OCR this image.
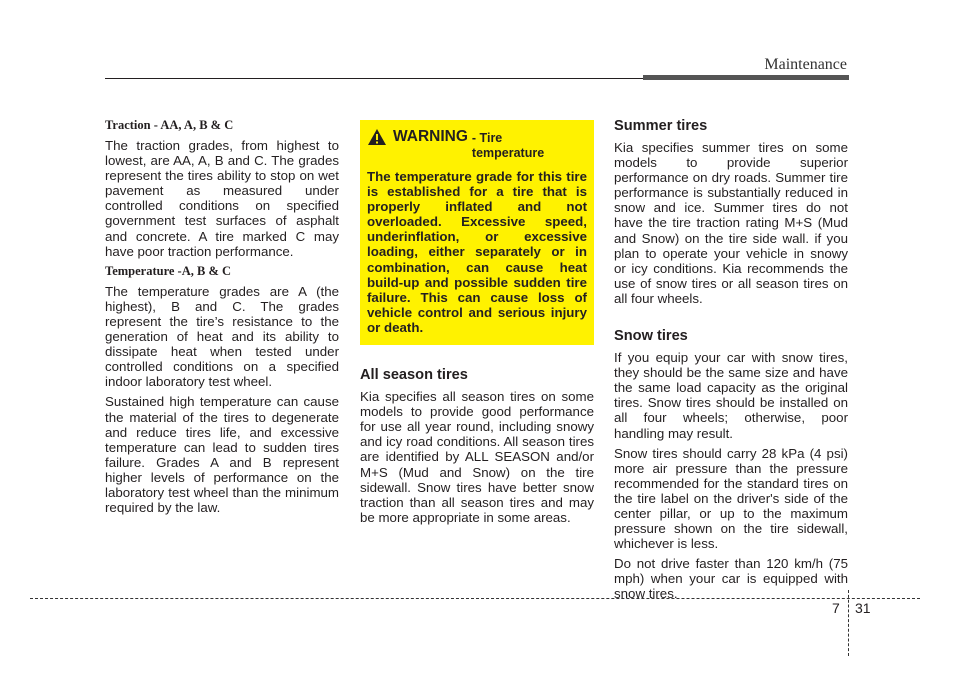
Maintenance
Traction - AA, A, B & C

The traction grades, from highest to lowest, are AA, A, B and C. The grades represent the tires ability to stop on wet pavement as measured under controlled conditions on specified government test surfaces of asphalt and concrete. A tire marked C may have poor traction performance.

Temperature -A, B & C

The temperature grades are A (the highest), B and C. The grades represent the tire’s resistance to the generation of heat and its ability to dissipate heat when tested under controlled conditions on a specified indoor laboratory test wheel.

Sustained high temperature can cause the material of the tires to degenerate and reduce tires life, and excessive temperature can lead to sudden tires failure. Grades A and B represent higher levels of performance on the laboratory test wheel than the minimum required by the law.

WARNING - Tire temperature
The temperature grade for this tire is established for a tire that is properly inflated and not overloaded. Excessive speed, underinflation, or excessive loading, either separately or in combination, can cause heat build-up and possible sudden tire failure. This can cause loss of vehicle control and serious injury or death.
All season tires

Kia specifies all season tires on some models to provide good performance for use all year round, including snowy and icy road conditions. All season tires are identified by ALL SEASON and/or M+S (Mud and Snow) on the tire sidewall. Snow tires have better snow traction than all season tires and may be more appropriate in some areas.

Summer tires

Kia specifies summer tires on some models to provide superior performance on dry roads. Summer tire performance is substantially reduced in snow and ice. Summer tires do not have the tire traction rating M+S (Mud and Snow) on the tire side wall. if you plan to operate your vehicle in snowy or icy conditions. Kia recommends the use of snow tires or all season tires on all four wheels.

Snow tires

If you equip your car with snow tires, they should be the same size and have the same load capacity as the original tires. Snow tires should be installed on all four wheels; otherwise, poor handling may result.

Snow tires should carry 28 kPa (4 psi) more air pressure than the pressure recommended for the standard tires on the tire label on the driver's side of the center pillar, or up to the maximum pressure shown on the tire sidewall, whichever is less.

Do not drive faster than 120 km/h (75 mph) when your car is equipped with snow tires.

7 31
